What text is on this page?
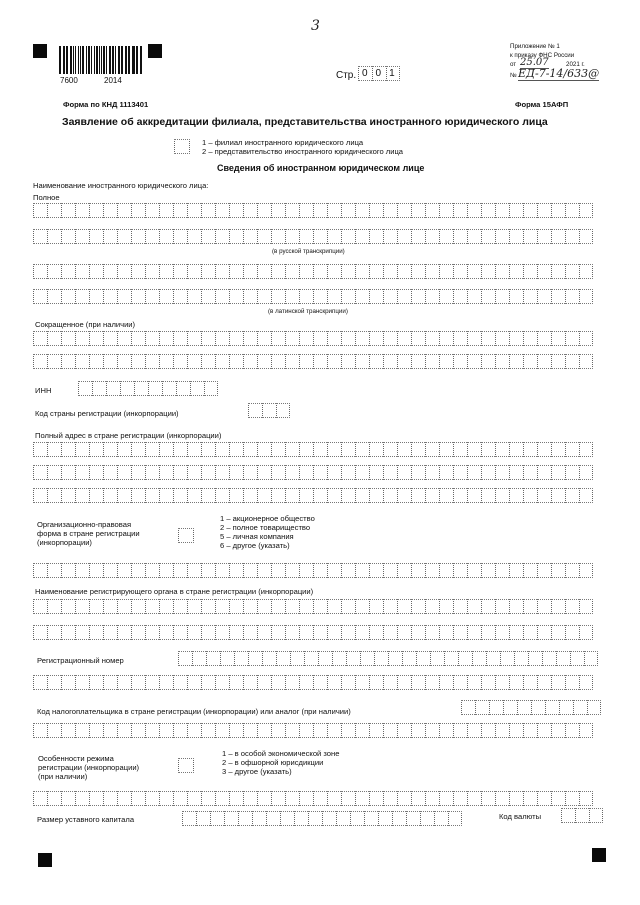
3
7600	2014	Стр. 001
Приложение № 1
к приказу ФНС России
от 25.07	2021 г.
№ ЕД-7-14/633@
Форма по КНД 1113401	Форма 15АФП
Заявление об аккредитации филиала, представительства иностранного юридического лица
1 – филиал иностранного юридического лица
2 – представительство иностранного юридического лица
Сведения об иностранном юридическом лице
Наименование иностранного юридического лица:
Полное
(в русской транскрипции)
(в латинской транскрипции)
Сокращенное (при наличии)
ИНН
Код страны регистрации (инкорпорации)
Полный адрес в стране регистрации (инкорпорации)
Организационно-правовая
форма в стране регистрации
(инкорпорации)
1 – акционерное общество
2 – полное товарищество
5 – личная компания
6 – другое (указать)
Наименование регистрирующего органа в стране регистрации (инкорпорации)
Регистрационный номер
Код налогоплательщика в стране регистрации (инкорпорации) или аналог (при наличии)
Особенности режима
регистрации (инкорпорации)
(при наличии)
1 – в особой экономической зоне
2 – в офшорной юрисдикции
3 – другое (указать)
Размер уставного капитала	Код валюты
